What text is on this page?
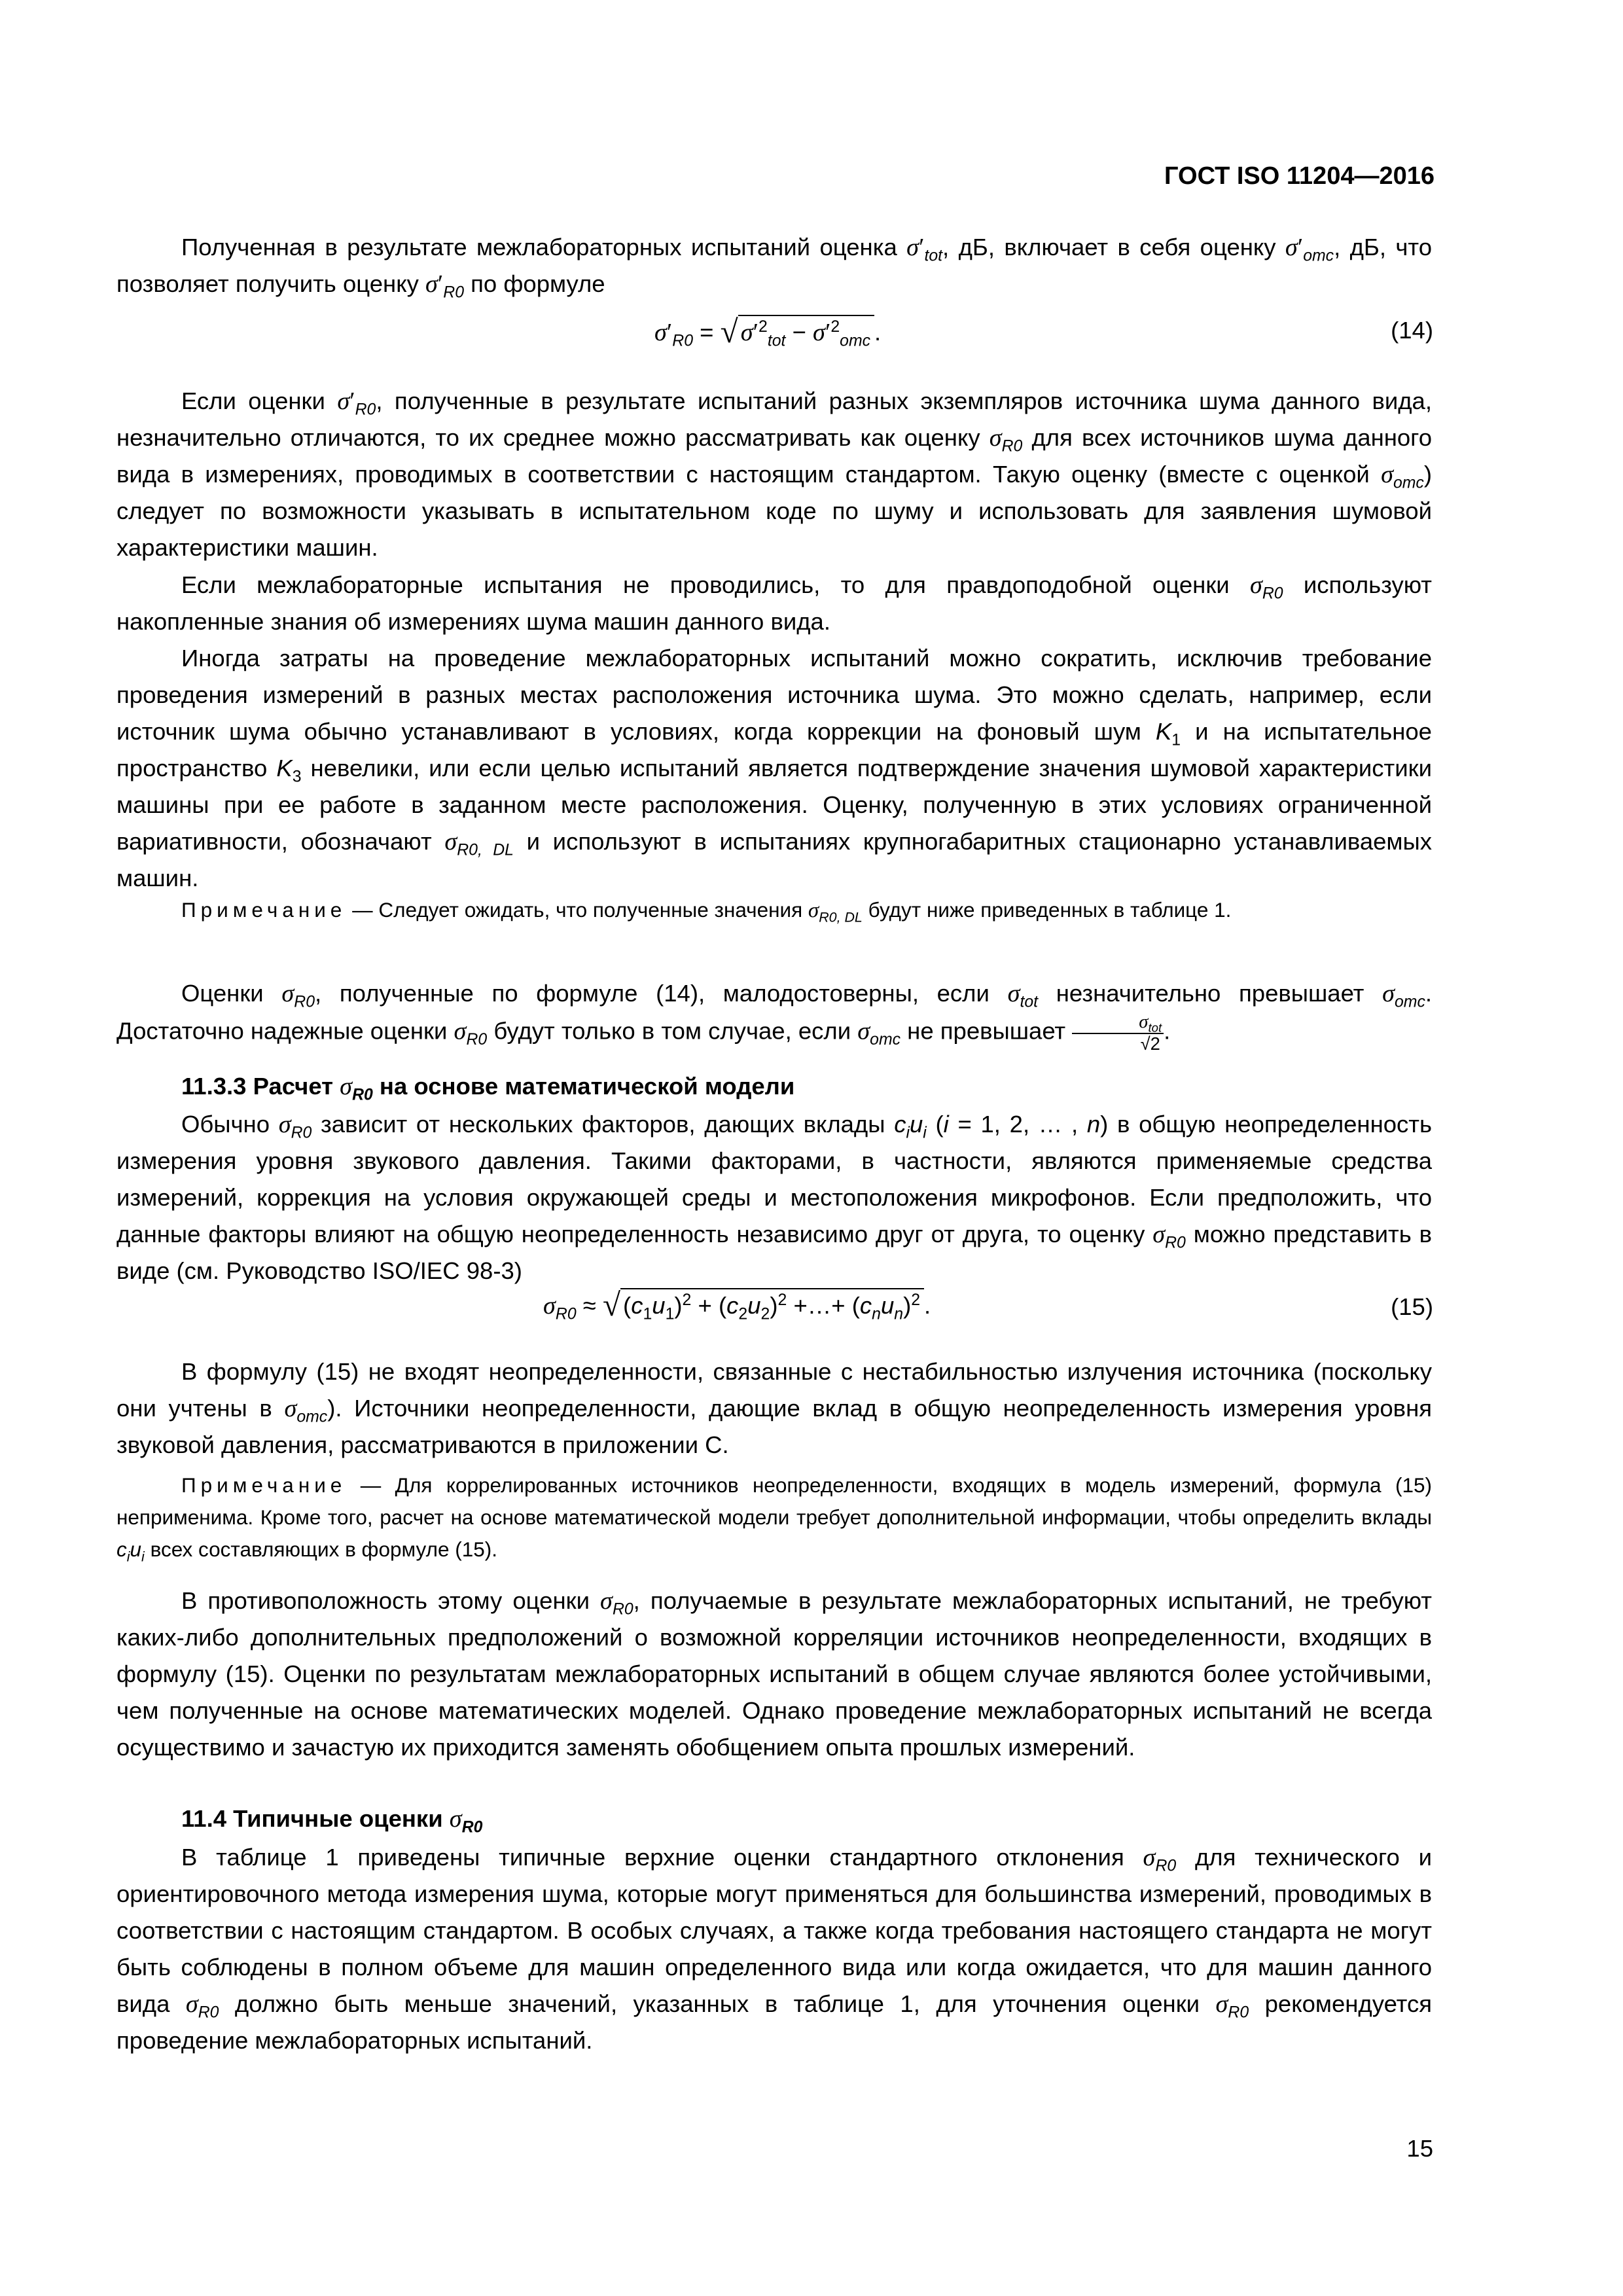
ГОСТ ISO 11204—2016

Полученная в результате межлабораторных испытаний оценка $\sigma'_{tot}$, дБ, включает в себя оценку $\sigma'_{omc}$, дБ, что позволяет получить оценку $\sigma'_{R0}$ по формуле

$\sigma'_{R0}$ = √ $\sigma'^2_{tot} - \sigma'^2_{omc}$ .	(14)

Если оценки $\sigma'_{R0}$, полученные в результате испытаний разных экземпляров источника шума данного вида, незначительно отличаются, то их среднее можно рассматривать как оценку $\sigma_{R0}$ для всех источников шума данного вида в измерениях, проводимых в соответствии с настоящим стандартом. Такую оценку (вместе с оценкой $\sigma_{omc}$) следует по возможности указывать в испытательном коде по шуму и использовать для заявления шумовой характеристики машин.

Если межлабораторные испытания не проводились, то для правдоподобной оценки $\sigma_{R0}$ используют накопленные знания об измерениях шума машин данного вида.

Иногда затраты на проведение межлабораторных испытаний можно сократить, исключив требование проведения измерений в разных местах расположения источника шума. Это можно сделать, например, если источник шума обычно устанавливают в условиях, когда коррекции на фоновый шум $K_1$ и на испытательное пространство $K_3$ невелики, или если целью испытаний является подтверждение значения шумовой характеристики машины при ее работе в заданном месте расположения. Оценку, полученную в этих условиях ограниченной вариативности, обозначают $\sigma_{R0, DL}$ и используют в испытаниях крупногабаритных стационарно устанавливаемых машин.

Примечание — Следует ожидать, что полученные значения $\sigma_{R0, DL}$ будут ниже приведенных в таблице 1.

Оценки $\sigma_{R0}$, полученные по формуле (14), малодостоверны, если $\sigma_{tot}$ незначительно превышает $\sigma_{omc}$. Достаточно надежные оценки $\sigma_{R0}$ будут только в том случае, если $\sigma_{omc}$ не превышает $\frac{\sigma_{tot}}{√2}$ .

11.3.3 Расчет $\sigma_{R0}$ на основе математической модели

Обычно $\sigma_{R0}$ зависит от нескольких факторов, дающих вклады $c_iu_i$ (i = 1, 2, … , n) в общую неопределенность измерения уровня звукового давления. Такими факторами, в частности, являются применяемые средства измерений, коррекция на условия окружающей среды и местоположения микрофонов. Если предположить, что данные факторы влияют на общую неопределенность независимо друг от друга, то оценку $\sigma_{R0}$ можно представить в виде (см. Руководство ISO/IEC 98-3)

$\sigma_{R0}$ ≈ √ $(c_1u_1)^2 + (c_2u_2)^2$ +…+ $(c_nu_n)^2$ .	(15)

В формулу (15) не входят неопределенности, связанные с нестабильностью излучения источника (поскольку они учтены в $\sigma_{omc}$). Источники неопределенности, дающие вклад в общую неопределенность измерения уровня звуковой давления, рассматриваются в приложении С.

Примечание — Для коррелированных источников неопределенности, входящих в модель измерений, формула (15) неприменима. Кроме того, расчет на основе математической модели требует дополнительной информации, чтобы определить вклады $c_iu_i$ всех составляющих в формуле (15).

В противоположность этому оценки $\sigma_{R0}$, получаемые в результате межлабораторных испытаний, не требуют каких-либо дополнительных предположений о возможной корреляции источников неопределенности, входящих в формулу (15). Оценки по результатам межлабораторных испытаний в общем случае являются более устойчивыми, чем полученные на основе математических моделей. Однако проведение межлабораторных испытаний не всегда осуществимо и зачастую их приходится заменять обобщением опыта прошлых измерений.

11.4 Типичные оценки $\sigma_{R0}$

В таблице 1 приведены типичные верхние оценки стандартного отклонения $\sigma_{R0}$ для технического и ориентировочного метода измерения шума, которые могут применяться для большинства измерений, проводимых в соответствии с настоящим стандартом. В особых случаях, а также когда требования настоящего стандарта не могут быть соблюдены в полном объеме для машин определенного вида или когда ожидается, что для машин данного вида $\sigma_{R0}$ должно быть меньше значений, указанных в таблице 1, для уточнения оценки $\sigma_{R0}$ рекомендуется проведение межлабораторных испытаний.

15
